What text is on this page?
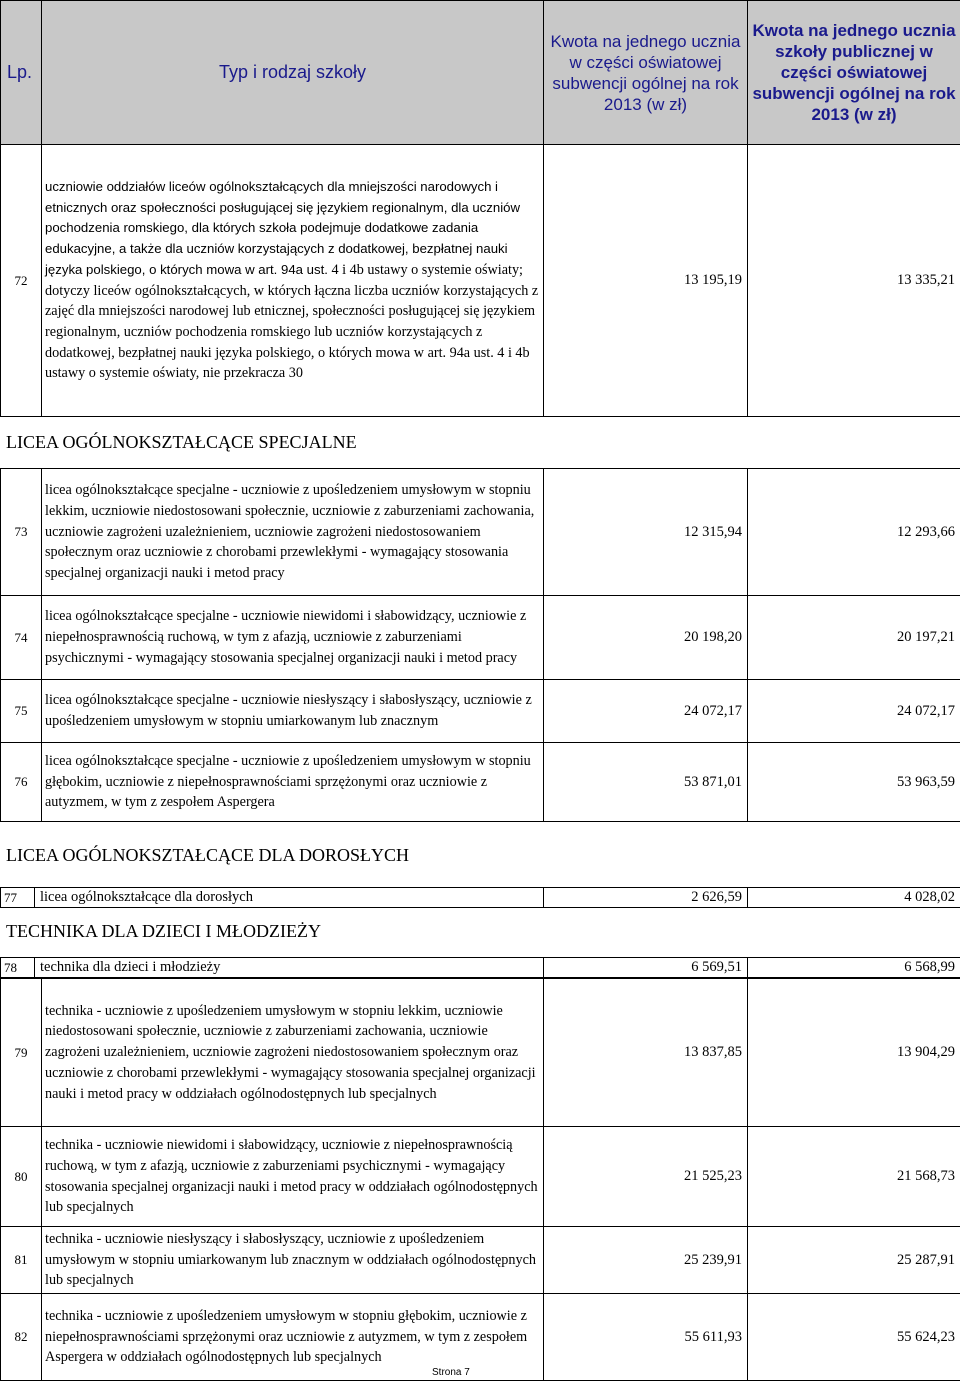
Lp.	Typ i rodzaj szkoły	Kwota na jednego ucznia w części oświatowej subwencji ogólnej na rok 2013 (w zł)	Kwota na jednego ucznia szkoły publicznej w części oświatowej subwencji ogólnej na rok 2013 (w zł)
72	uczniowie oddziałów liceów ogólnokształcących dla mniejszości narodowych i etnicznych oraz społeczności posługującej się językiem regionalnym, dla uczniów pochodzenia romskiego, dla których szkoła podejmuje dodatkowe zadania edukacyjne, a także dla uczniów korzystających z dodatkowej, bezpłatnej nauki języka polskiego, o których mowa w art. 94a ust. 4 i 4b ustawy o systemie oświaty; dotyczy liceów ogólnokształcących, w których łączna liczba uczniów korzystających z zajęć dla mniejszości narodowej lub etnicznej, społeczności posługującej się językiem regionalnym, uczniów pochodzenia romskiego lub uczniów korzystających z dodatkowej, bezpłatnej nauki języka polskiego, o których mowa w art. 94a ust. 4 i 4b ustawy o systemie oświaty, nie przekracza 30	13 195,19	13 335,21
LICEA OGÓLNOKSZTAŁCĄCE SPECJALNE
73	licea ogólnokształcące specjalne - uczniowie z upośledzeniem umysłowym w stopniu lekkim, uczniowie niedostosowani społecznie, uczniowie z zaburzeniami zachowania, uczniowie zagrożeni uzależnieniem, uczniowie zagrożeni niedostosowaniem społecznym oraz uczniowie z chorobami przewlekłymi - wymagający stosowania specjalnej organizacji nauki i metod pracy	12 315,94	12 293,66
74	licea ogólnokształcące specjalne - uczniowie niewidomi i słabowidzący, uczniowie z niepełnosprawnością ruchową, w tym z afazją, uczniowie z zaburzeniami psychicznymi - wymagający stosowania specjalnej organizacji nauki i metod pracy	20 198,20	20 197,21
75	licea ogólnokształcące specjalne - uczniowie niesłyszący i słabosłyszący, uczniowie z upośledzeniem umysłowym w stopniu umiarkowanym lub znacznym	24 072,17	24 072,17
76	licea ogólnokształcące specjalne - uczniowie z upośledzeniem umysłowym w stopniu głębokim, uczniowie z niepełnosprawnościami sprzężonymi oraz uczniowie z autyzmem, w tym z zespołem Aspergera	53 871,01	53 963,59
LICEA OGÓLNOKSZTAŁCĄCE DLA DOROSŁYCH
77	licea ogólnokształcące dla dorosłych	2 626,59	4 028,02
TECHNIKA DLA DZIECI I MŁODZIEŻY
78	technika dla dzieci i młodzieży	6 569,51	6 568,99
79	technika - uczniowie z upośledzeniem umysłowym w stopniu lekkim, uczniowie niedostosowani społecznie, uczniowie z zaburzeniami zachowania, uczniowie zagrożeni uzależnieniem, uczniowie zagrożeni niedostosowaniem społecznym oraz uczniowie z chorobami przewlekłymi - wymagający stosowania specjalnej organizacji nauki i metod pracy w oddziałach ogólnodostępnych lub specjalnych	13 837,85	13 904,29
80	technika - uczniowie niewidomi i słabowidzący, uczniowie z niepełnosprawnością ruchową, w tym z afazją, uczniowie z zaburzeniami psychicznymi - wymagający stosowania specjalnej organizacji nauki i metod pracy w oddziałach ogólnodostępnych lub specjalnych	21 525,23	21 568,73
81	technika - uczniowie niesłyszący i słabosłyszący, uczniowie z upośledzeniem umysłowym w stopniu umiarkowanym lub znacznym w oddziałach ogólnodostępnych lub specjalnych	25 239,91	25 287,91
82	technika - uczniowie z upośledzeniem umysłowym w stopniu głębokim, uczniowie z niepełnosprawnościami sprzężonymi oraz uczniowie z autyzmem, w tym z zespołem Aspergera w oddziałach ogólnodostępnych lub specjalnych	55 611,93	55 624,23
Strona 7
